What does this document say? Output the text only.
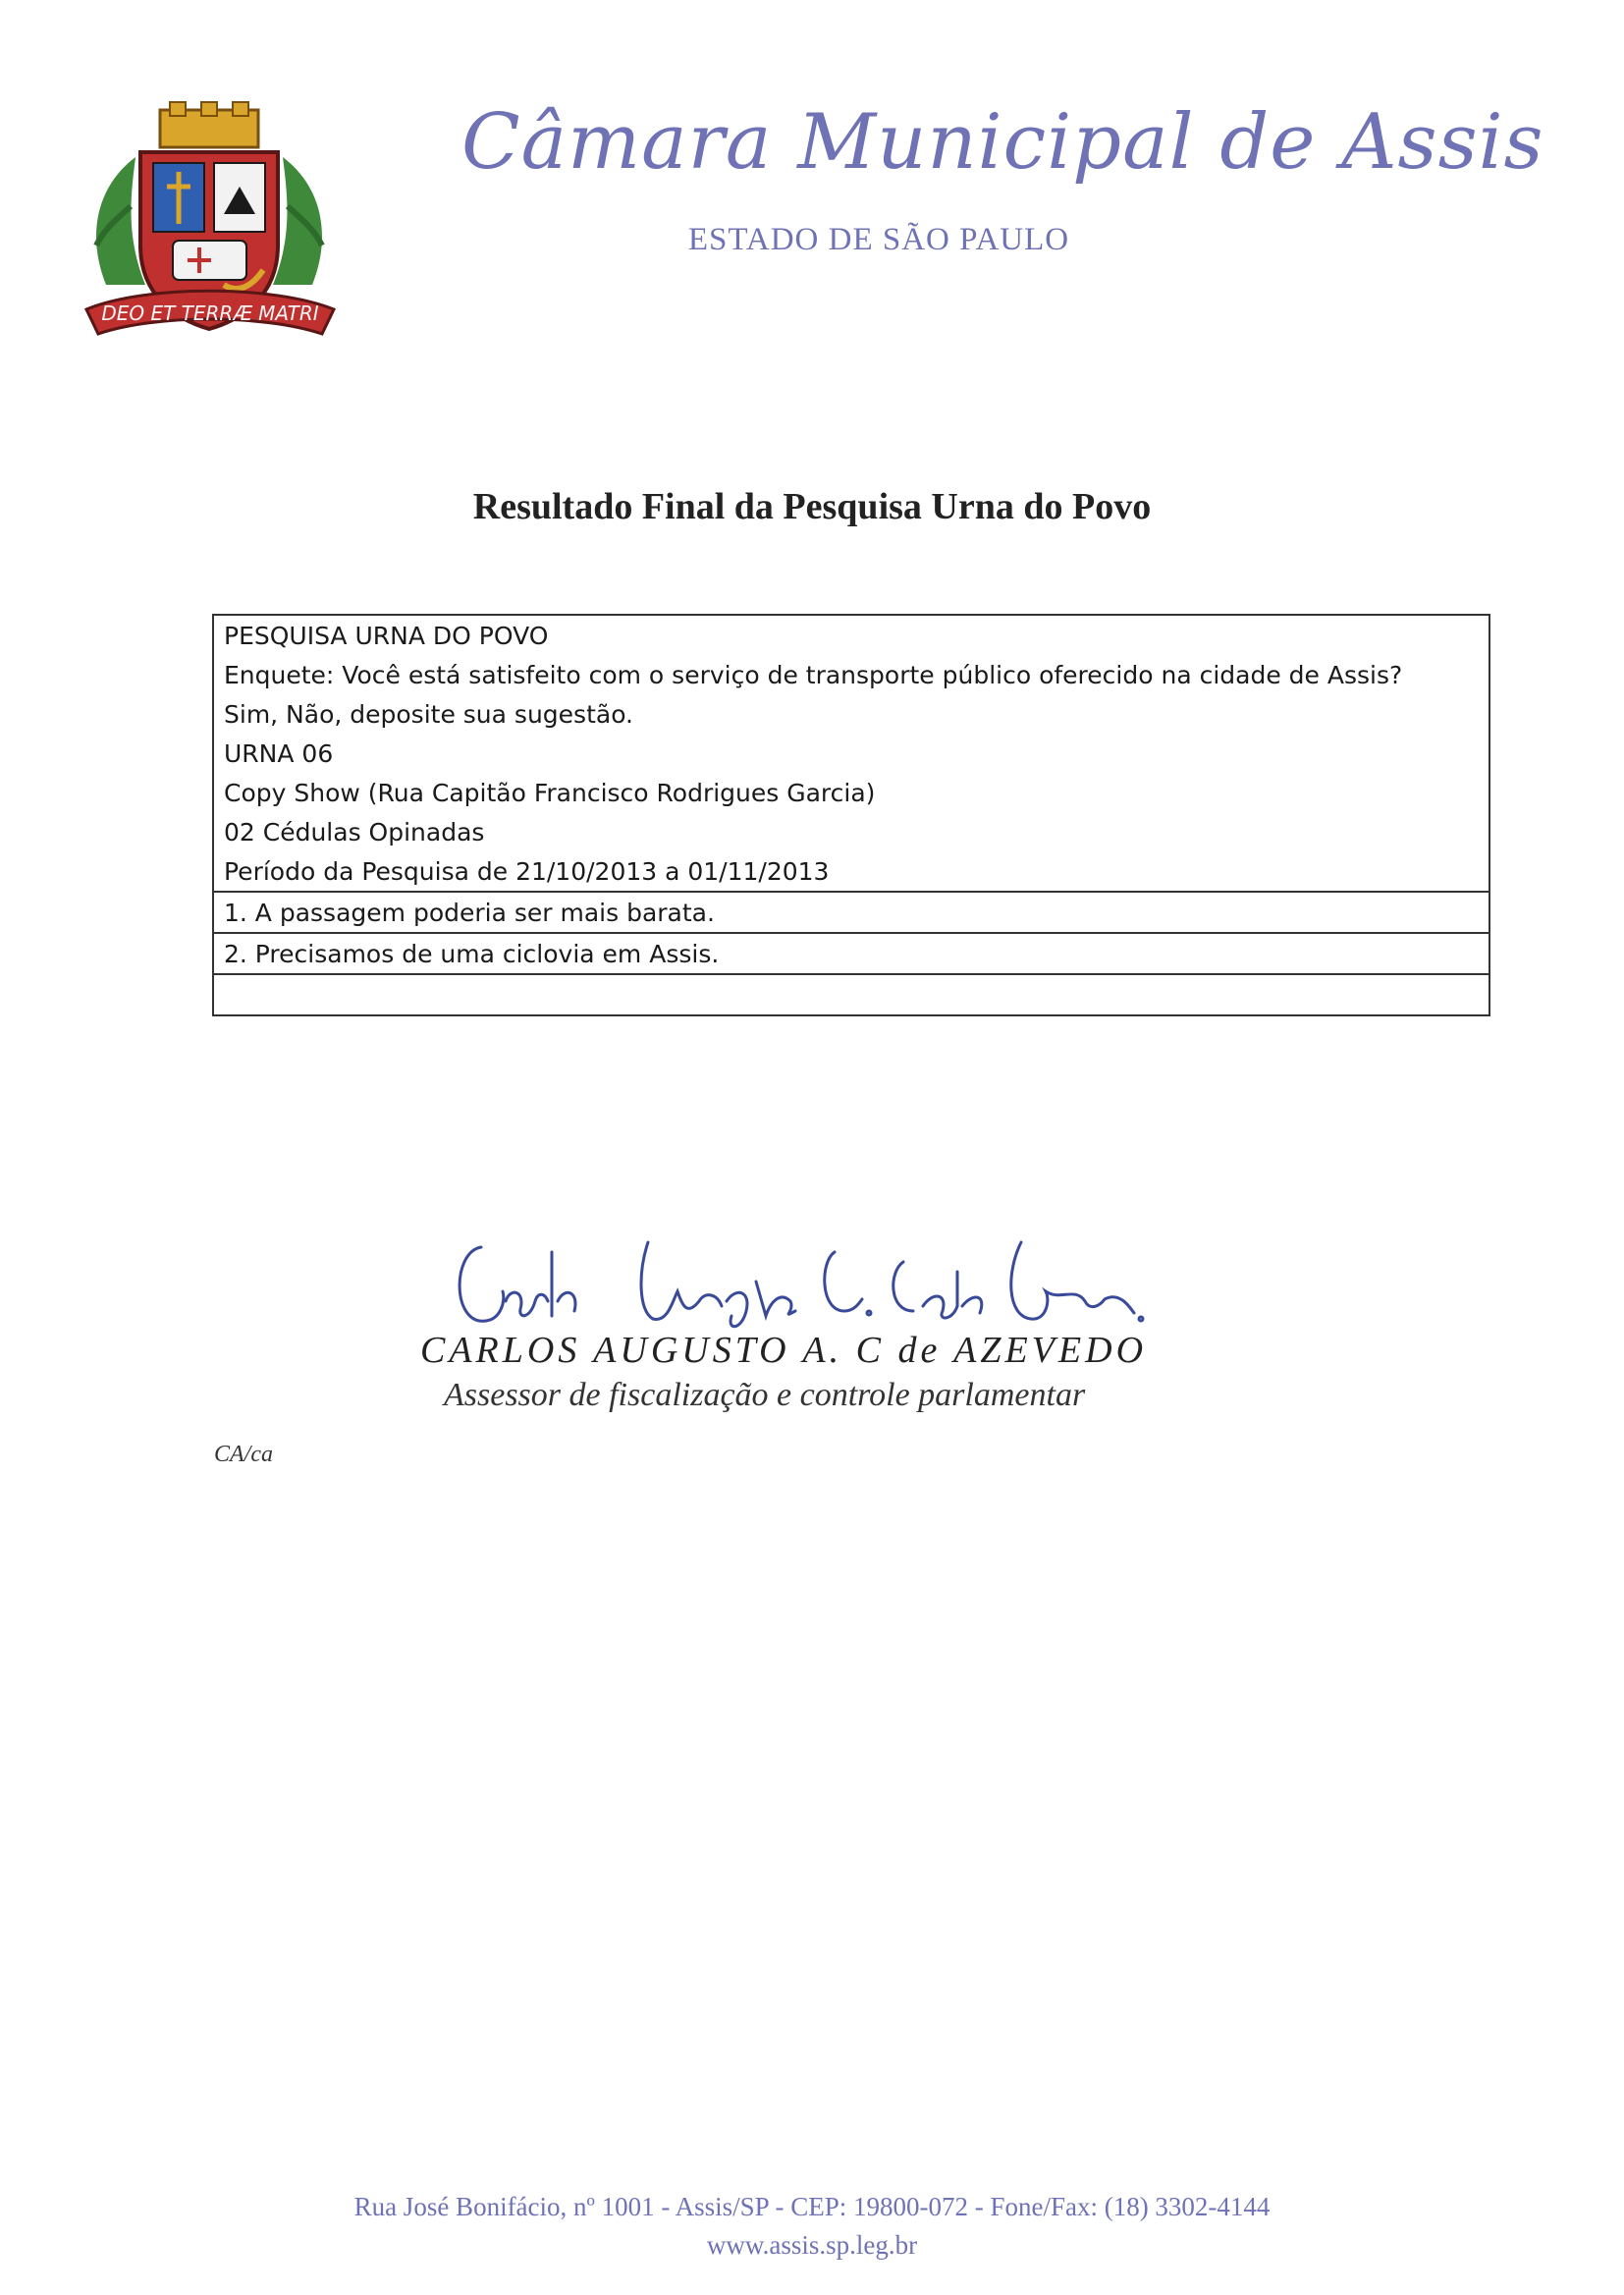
DEO ET TERRÆ MATRI
Câmara Municipal de Assis
ESTADO DE SÃO PAULO
Resultado Final da Pesquisa Urna do Povo
PESQUISA URNA DO POVO
Enquete: Você está satisfeito com o serviço de transporte público oferecido na cidade de Assis?
Sim, Não, deposite sua sugestão.
URNA 06
Copy Show (Rua Capitão Francisco Rodrigues Garcia)
02 Cédulas Opinadas
Período da Pesquisa de 21/10/2013 a 01/11/2013
1. A passagem poderia ser mais barata.
2. Precisamos de uma ciclovia em Assis.

CARLOS AUGUSTO A. C de AZEVEDO
Assessor de fiscalização e controle parlamentar
CA/ca
Rua José Bonifácio, nº 1001 - Assis/SP - CEP: 19800-072 - Fone/Fax: (18) 3302-4144
www.assis.sp.leg.br
